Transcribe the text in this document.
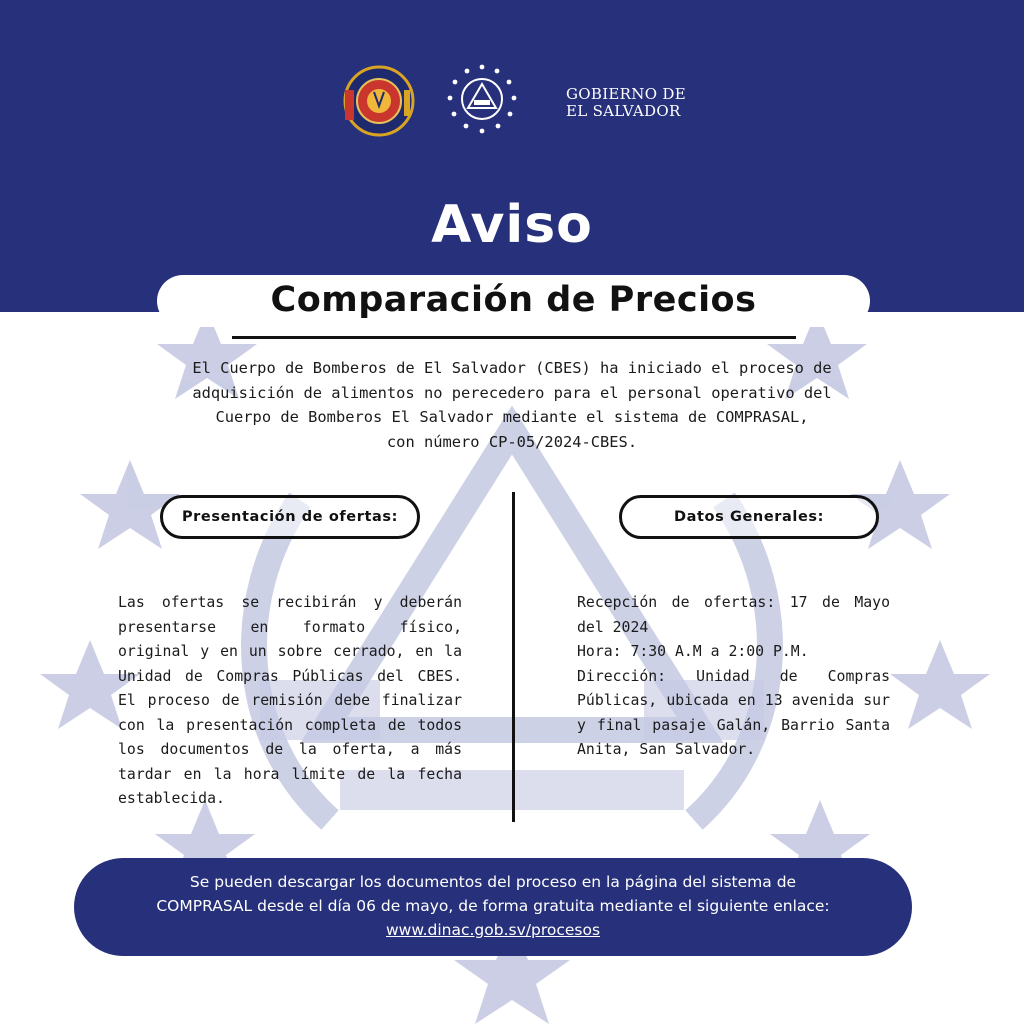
GOBIERNO DE
EL SALVADOR
Aviso
Comparación de Precios
El Cuerpo de Bomberos de El Salvador (CBES) ha iniciado el proceso de
adquisición de alimentos no perecedero para el personal operativo del
Cuerpo de Bomberos El Salvador mediante el sistema de COMPRASAL,
con número CP-05/2024-CBES.
Presentación de ofertas:	Datos Generales:

Las ofertas se recibirán y deberán presentarse en formato físico, original y en un sobre cerrado, en la Unidad de Compras Públicas del CBES. El proceso de remisión debe finalizar con la presentación completa de todos los documentos de la oferta, a más tardar en la hora límite de la fecha establecida.

Recepción de ofertas: 17 de Mayo del 2024

Hora: 7:30 A.M a 2:00 P.M.

Dirección: Unidad de Compras Públicas, ubicada en 13 avenida sur y final pasaje Galán, Barrio Santa Anita, San Salvador.

Se pueden descargar los documentos del proceso en la página del sistema de
COMPRASAL desde el día 06 de mayo, de forma gratuita mediante el siguiente enlace:
www.dinac.gob.sv/procesos
